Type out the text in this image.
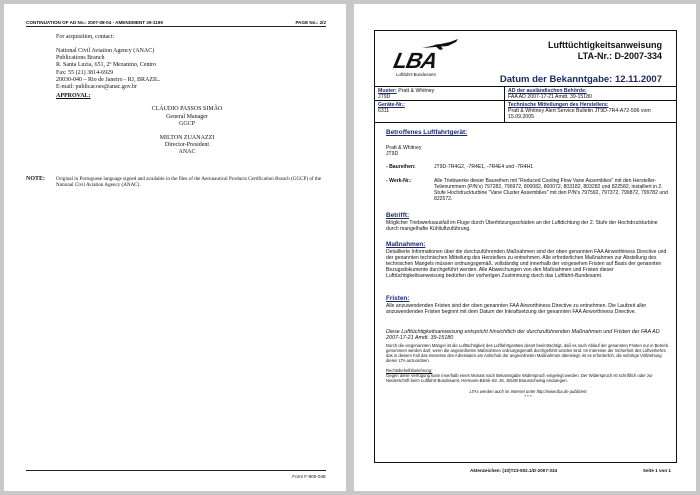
CONTINUATION OF AD No.: 2007-08-04 - AMENDMENT 39-1199	PAGE No.: 2/2
For acquisition, contact:
National Civil Aviation Agency (ANAC)
Publications Branch
R. Santa Luzia, 651, 2º Mezanino, Centro
Fax: 55 (21) 3814-6929
20030-040 – Rio de Janeiro - RJ, BRAZIL.
E-mail: publicacoes@anac.gov.br
APPROVAL:
CLÁUDIO PASSOS SIMÃO
General Manager
GGCP
MILTON ZUANAZZI
Director-President
ANAC
NOTE: Original in Portuguese language signed and available in the files of the Aeronautical Products Certification Branch (GGCP) of the National Civil Aviation Agency (ANAC).
Form F-900-04E
LBA
Luftfahrt-Bundesamt
Lufttüchtigkeitsanweisung
LTA-Nr.: D-2007-334
Datum der Bekanntgabe: 12.11.2007
Muster: Pratt & Whitney
JT9D
AD der ausländischen Behörde:
FAA AD 2007-17-21 Amdt. 39-15180
Geräte-Nr.:
6311
Technische Mitteilungen des Herstellers:
Pratt & Whitney Alert Service Bulletin JT9D-7R4-A72-596 vom 15.09.2005
Betroffenes Luftfahrtgerät:
Pratt & Whitney
JT9D
- Baureihen:	JT9D-7R4G2, -7R4E1, -7R4E4 und -7R4H1
- Werk-Nr.:	Alle Triebwerke dieser Baureihen mit "Reduced Cooling Flow Vane Assemblies" mit den Hersteller-Teilenummern (P/N's) 797282, 796972, 800082, 800072, 803182, 803282 und 822582, installiert in 2. Stufe Hochdruckturbine "Vane Cluster Assemblies" mit den P/N's 797592, 797372, 799872, 799782 und 822572.
Betrifft:
Möglicher Triebwerksausfall im Fluge durch Überhitzungsschäden an der Luftdichtung der 2. Stufe der Hochdruckturbine durch mangelhafte Kühlluftzuführung.
Maßnahmen:
Detaillierte Informationen über die durchzuführenden Maßnahmen sind der oben genannten FAA Airworthiness Directive und der genannten technischen Mitteilung des Herstellers zu entnehmen. Alle erforderlichen Maßnahmen zur Abstellung des technischen Mangels müssen ordnungsgemäß, vollständig und innerhalb der vorgesehen Fristen auf Basis der genannten Bezugsdokumente durchgeführt werden. Alle Abweichungen von den Maßnahmen und Fristen dieser Lufttüchtigkeitsanweisung bedürfen der vorherigen Zustimmung durch das Luftfahrt-Bundesamt.
Fristen:
Alle anzuwendenden Fristen sind der oben genannten FAA Airworthiness Directive zu entnehmen. Die Laufzeit aller anzuwendenden Fristen beginnt mit dem Datum der Inkraftsetzung der genannten FAA Airworthiness Directive.
Diese Lufttüchtigkeitsanweisung entspricht hinsichtlich der durchzuführenden Maßnahmen und Fristen der FAA AD 2007-17-21 Amdt. 39-15180
Durch die vorgenannten Mängel ist die Lufttüchtigkeit des Luftfahrtgerätes derart beeinträchtigt, daß es nach Ablauf der genannten Fristen nur in Betrieb genommen werden darf, wenn die angeordneten Maßnahmen ordnungsgemäß durchgeführt worden sind. Im Interesse der Sicherheit des Luftverkehrs, das in diesem Fall das Interesse des Adressaten am Aufschub der angeordneten Maßnahmen überwiegt, ist es erforderlich, die sofortige Vollziehung dieser LTA anzuordnen.
Rechtsbehelfsbelehrung:
Gegen diese Verfügung kann innerhalb eines Monats nach Bekanntgabe Widerspruch eingelegt werden. Der Widerspruch ist schriftlich oder zur Niederschrift beim Luftfahrt-Bundesamt, Hermann-Blenk-Str. 26, 38108 Braunschweig einzulegen.
LTAs werden auch im Internet unter http://www.lba.de publiziert
* * *
Aktenzeichen: (10)T23-502.1/D-2007-334	Seite 1 von 1
